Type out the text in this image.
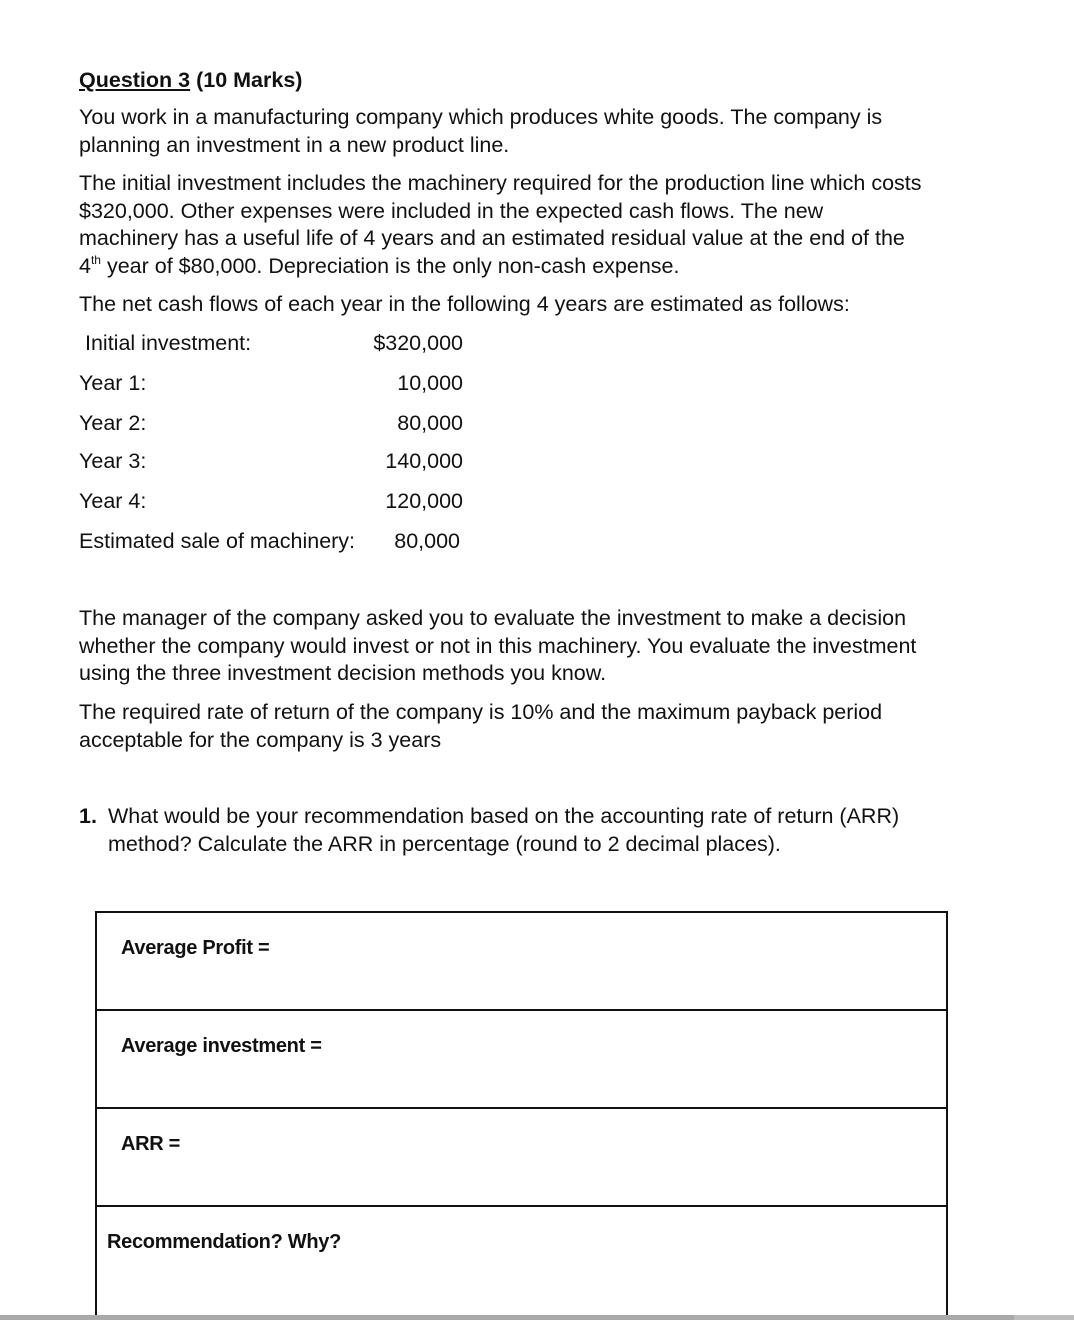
Question 3 (10 Marks)
You work in a manufacturing company which produces white goods. The company is
planning an investment in a new product line.
The initial investment includes the machinery required for the production line which costs
$320,000. Other expenses were included in the expected cash flows. The new
machinery has a useful life of 4 years and an estimated residual value at the end of the
4th year of $80,000. Depreciation is the only non-cash expense.
The net cash flows of each year in the following 4 years are estimated as follows:
Initial investment:	$320,000
Year 1:	10,000
Year 2:	80,000
Year 3:	140,000
Year 4:	120,000
Estimated sale of machinery: 80,000
The manager of the company asked you to evaluate the investment to make a decision
whether the company would invest or not in this machinery. You evaluate the investment
using the three investment decision methods you know.
The required rate of return of the company is 10% and the maximum payback period
acceptable for the company is 3 years
1. What would be your recommendation based on the accounting rate of return (ARR)
method? Calculate the ARR in percentage (round to 2 decimal places).
Average Profit =
Average investment =
ARR =
Recommendation? Why?
